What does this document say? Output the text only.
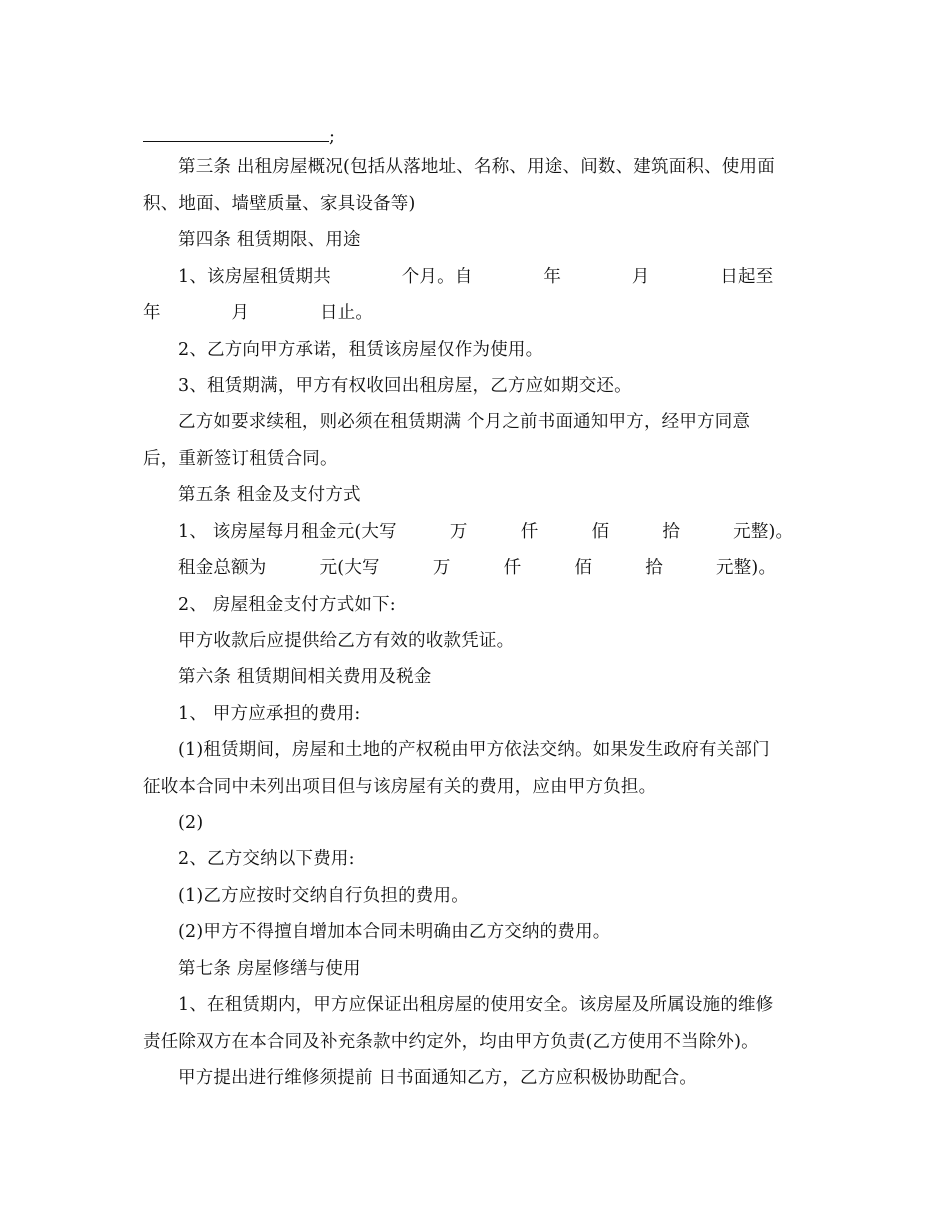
;
第三条 出租房屋概况(包括从落地址、名称、用途、间数、建筑面积、使用面
积、地面、墙壁质量、家具设备等)
第四条 租赁期限、用途
1、该房屋租赁期共　　　　个月。自　　　　年　　　　月　　　　日起至
年　　　　月　　　　日止。
2、乙方向甲方承诺，租赁该房屋仅作为使用。
3、租赁期满，甲方有权收回出租房屋，乙方应如期交还。
乙方如要求续租，则必须在租赁期满 个月之前书面通知甲方，经甲方同意
后，重新签订租赁合同。
第五条 租金及支付方式
1、 该房屋每月租金元(大写　　　万　　　仟　　　佰　　　拾　　　元整)。
租金总额为　　　元(大写　　　万　　　仟　　　佰　　　拾　　　元整)。
2、 房屋租金支付方式如下:
甲方收款后应提供给乙方有效的收款凭证。
第六条 租赁期间相关费用及税金
1、 甲方应承担的费用:
(1)租赁期间，房屋和土地的产权税由甲方依法交纳。如果发生政府有关部门
征收本合同中未列出项目但与该房屋有关的费用，应由甲方负担。
(2)
2、乙方交纳以下费用:
(1)乙方应按时交纳自行负担的费用。
(2)甲方不得擅自增加本合同未明确由乙方交纳的费用。
第七条 房屋修缮与使用
1、在租赁期内，甲方应保证出租房屋的使用安全。该房屋及所属设施的维修
责任除双方在本合同及补充条款中约定外，均由甲方负责(乙方使用不当除外)。
甲方提出进行维修须提前 日书面通知乙方，乙方应积极协助配合。
